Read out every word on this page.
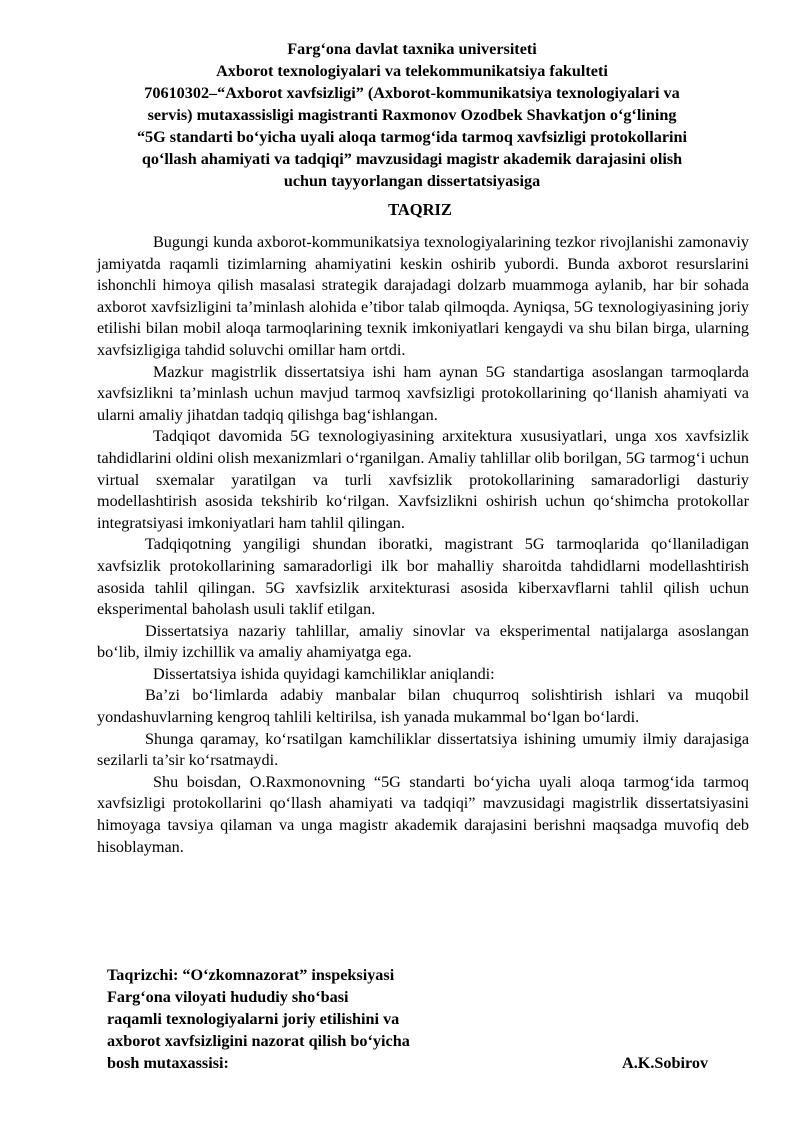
Farg‘ona davlat taxnika universiteti
Axborot texnologiyalari va telekommunikatsiya fakulteti
70610302–“Axborot xavfsizligi” (Axborot-kommunikatsiya texnologiyalari va
servis) mutaxassisligi magistranti Raxmonov Ozodbek Shavkatjon o‘g‘lining
“5G standarti bo‘yicha uyali aloqa tarmog‘ida tarmoq xavfsizligi protokollarini
qo‘llash ahamiyati va tadqiqi” mavzusidagi magistr akademik darajasini olish
uchun tayyorlangan dissertatsiyasiga
TAQRIZ

Bugungi kunda axborot-kommunikatsiya texnologiyalarining tezkor rivojlanishi zamonaviy jamiyatda raqamli tizimlarning ahamiyatini keskin oshirib yubordi. Bunda axborot resurslarini ishonchli himoya qilish masalasi strategik darajadagi dolzarb muammoga aylanib, har bir sohada axborot xavfsizligini ta’minlash alohida e’tibor talab qilmoqda. Ayniqsa, 5G texnologiyasining joriy etilishi bilan mobil aloqa tarmoqlarining texnik imkoniyatlari kengaydi va shu bilan birga, ularning xavfsizligiga tahdid soluvchi omillar ham ortdi.

Mazkur magistrlik dissertatsiya ishi ham aynan 5G standartiga asoslangan tarmoqlarda xavfsizlikni ta’minlash uchun mavjud tarmoq xavfsizligi protokollarining qo‘llanish ahamiyati va ularni amaliy jihatdan tadqiq qilishga bag‘ishlangan.

Tadqiqot davomida 5G texnologiyasining arxitektura xususiyatlari, unga xos xavfsizlik tahdidlarini oldini olish mexanizmlari o‘rganilgan. Amaliy tahlillar olib borilgan, 5G tarmog‘i uchun virtual sxemalar yaratilgan va turli xavfsizlik protokollarining samaradorligi dasturiy modellashtirish asosida tekshirib ko‘rilgan. Xavfsizlikni oshirish uchun qo‘shimcha protokollar integratsiyasi imkoniyatlari ham tahlil qilingan.

Tadqiqotning yangiligi shundan iboratki, magistrant 5G tarmoqlarida qo‘llaniladigan xavfsizlik protokollarining samaradorligi ilk bor mahalliy sharoitda tahdidlarni modellashtirish asosida tahlil qilingan. 5G xavfsizlik arxitekturasi asosida kiberxavflarni tahlil qilish uchun eksperimental baholash usuli taklif etilgan.

Dissertatsiya nazariy tahlillar, amaliy sinovlar va eksperimental natijalarga asoslangan bo‘lib, ilmiy izchillik va amaliy ahamiyatga ega.

Dissertatsiya ishida quyidagi kamchiliklar aniqlandi:

Ba’zi bo‘limlarda adabiy manbalar bilan chuqurroq solishtirish ishlari va muqobil yondashuvlarning kengroq tahlili keltirilsa, ish yanada mukammal bo‘lgan bo‘lardi.

Shunga qaramay, ko‘rsatilgan kamchiliklar dissertatsiya ishining umumiy ilmiy darajasiga sezilarli ta’sir ko‘rsatmaydi.

Shu boisdan, O.Raxmonovning “5G standarti bo‘yicha uyali aloqa tarmog‘ida tarmoq xavfsizligi protokollarini qo‘llash ahamiyati va tadqiqi” mavzusidagi magistrlik dissertatsiyasini himoyaga tavsiya qilaman va unga magistr akademik darajasini berishni maqsadga muvofiq deb hisoblayman.

Taqrizchi: “O‘zkomnazorat” inspeksiyasi
Farg‘ona viloyati hududiy sho‘basi
raqamli texnologiyalarni joriy etilishini va
axborot xavfsizligini nazorat qilish bo‘yicha
bosh mutaxassisi:	A.K.Sobirov
